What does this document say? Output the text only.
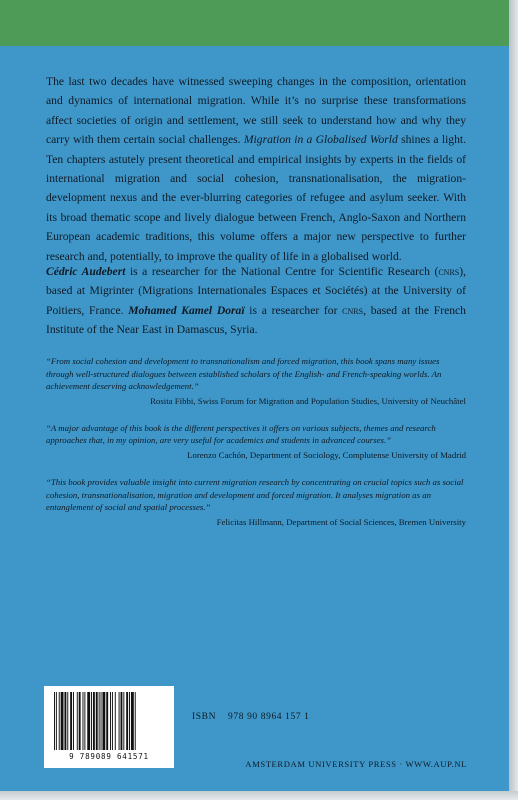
The last two decades have witnessed sweeping changes in the composition, orientation and dynamics of international migration. While it’s no surprise these transformations affect societies of origin and settlement, we still seek to understand how and why they carry with them certain social challenges. Migration in a Globalised World shines a light. Ten chapters astutely present theoretical and empirical insights by experts in the fields of international migration and social cohesion, transnationalisation, the migration-development nexus and the ever-blurring categories of refugee and asylum seeker. With its broad thematic scope and lively dialogue between French, Anglo-Saxon and Northern European academic traditions, this volume offers a major new perspective to further research and, potentially, to improve the quality of life in a globalised world.

Cédric Audebert is a researcher for the National Centre for Scientific Research (cnrs), based at Migrinter (Migrations Internationales Espaces et Sociétés) at the University of Poitiers, France. Mohamed Kamel Doraï is a researcher for cnrs, based at the French Institute of the Near East in Damascus, Syria.

“From social cohesion and development to transnationalism and forced migration, this book spans many issues through well-structured dialogues between established scholars of the English- and French-speaking worlds. An achievement deserving acknowledgement.”

Rosita Fibbi, Swiss Forum for Migration and Population Studies, University of Neuchâtel

“A major advantage of this book is the different perspectives it offers on various subjects, themes and research approaches that, in my opinion, are very useful for academics and students in advanced courses.”

Lorenzo Cachón, Department of Sociology, Complutense University of Madrid

“This book provides valuable insight into current migration research by concentrating on crucial topics such as social cohesion, transnationalisation, migration and development and forced migration. It analyses migration as an entanglement of social and spatial processes.”

Felicitas Hillmann, Department of Social Sciences, Bremen University

9 789089 641571
ISBN 978 90 8964 157 1
AMSTERDAM UNIVERSITY PRESS · WWW.AUP.NL
